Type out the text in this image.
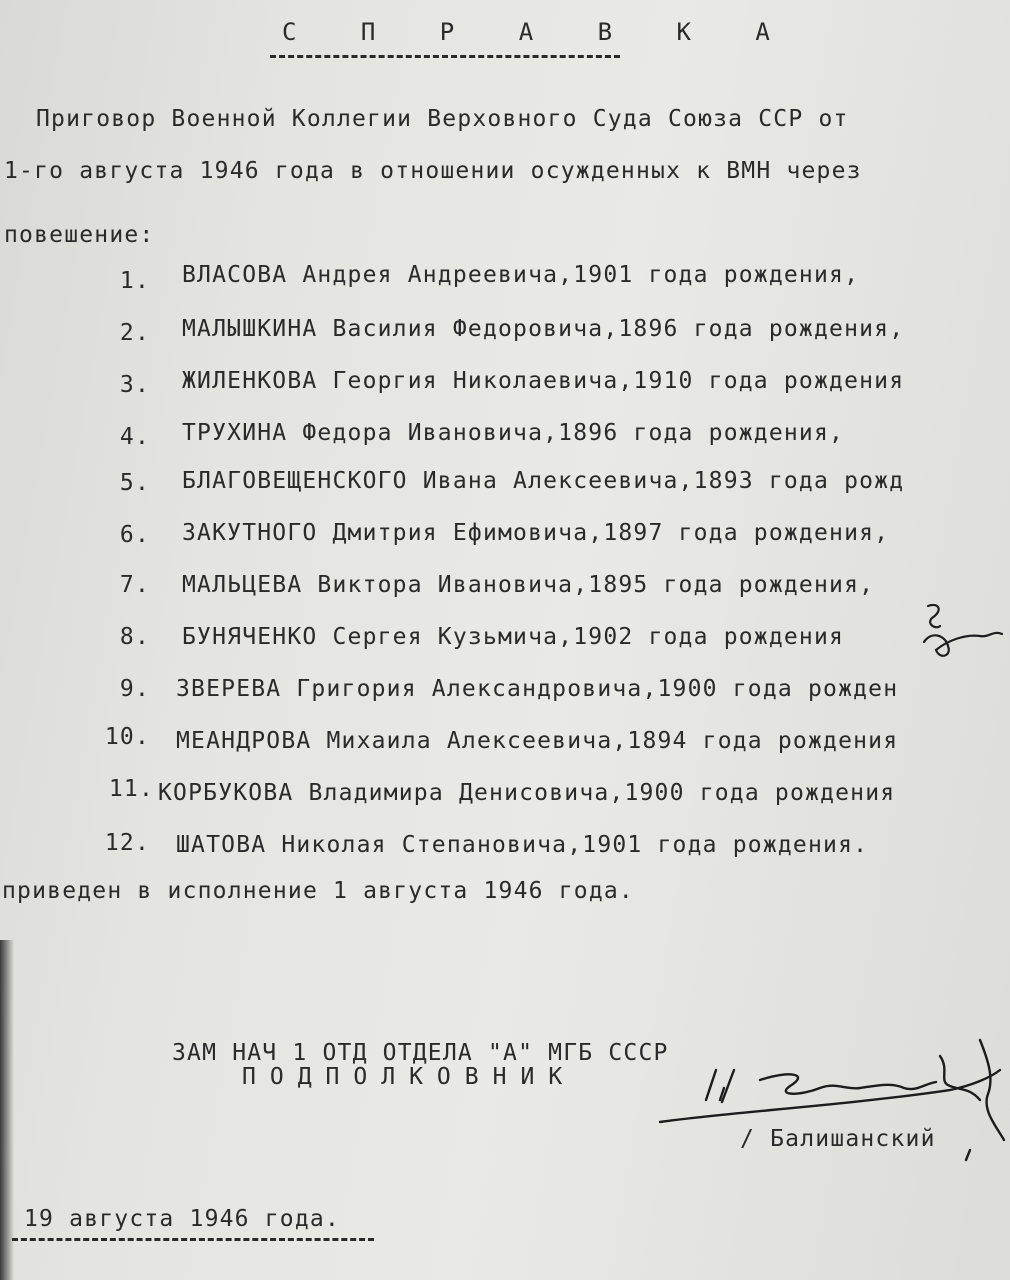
С П Р А В К А
Приговор Военной Коллегии Верховного Суда Союза ССР от
1-го августа 1946 года в отношении осужденных к ВМН через
повешение:
1. ВЛАСОВА Андрея Андреевича,1901 года рождения,
2. МАЛЫШКИНА Василия Федоровича,1896 года рождения,
3. ЖИЛЕНКОВА Георгия Николаевича,1910 года рождения
4. ТРУХИНА Федора Ивановича,1896 года рождения,
5. БЛАГОВЕЩЕНСКОГО Ивана Алексеевича,1893 года рожд
6. ЗАКУТНОГО Дмитрия Ефимовича,1897 года рождения,
7. МАЛЬЦЕВА Виктора Ивановича,1895 года рождения,
8. БУНЯЧЕНКО Сергея Кузьмича,1902 года рождения
9. ЗВЕРЕВА Григория Александровича,1900 года рожден
10. МЕАНДРОВА Михаила Алексеевича,1894 года рождения
11. КОРБУКОВА Владимира Денисовича,1900 года рождения
12. ШАТОВА Николая Степановича,1901 года рождения.
приведен в исполнение 1 августа 1946 года.
ЗАМ НАЧ 1 ОТД ОТДЕЛА "А" МГБ СССР
ПОДПОЛКОВНИК
/ Балишанский
19 августа 1946 года.
